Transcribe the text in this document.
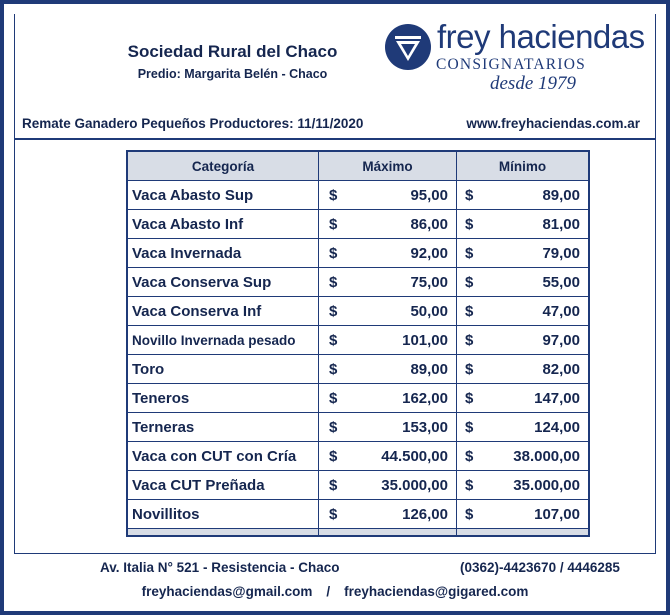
Sociedad Rural del Chaco
Predio: Margarita Belén - Chaco
frey haciendas
CONSIGNATARIOS
desde 1979
Remate Ganadero Pequeños Productores: 11/11/2020	www.freyhaciendas.com.ar
Categoría	Máximo		Mínimo	
Vaca Abasto Sup	$	95,00	$	89,00
Vaca Abasto Inf	$	86,00	$	81,00
Vaca Invernada	$	92,00	$	79,00
Vaca Conserva Sup	$	75,00	$	55,00
Vaca Conserva Inf	$	50,00	$	47,00
Novillo Invernada pesado	$	101,00	$	97,00
Toro	$	89,00	$	82,00
Teneros	$	162,00	$	147,00
Terneras	$	153,00	$	124,00
Vaca con CUT con Cría	$	44.500,00	$	38.000,00
Vaca CUT Preñada	$	35.000,00	$	35.000,00
Novillitos	$	126,00	$	107,00

Av. Italia N° 521 - Resistencia - Chaco	(0362)-4423670 / 4446285
freyhaciendas@gmail.com / freyhaciendas@gigared.com
